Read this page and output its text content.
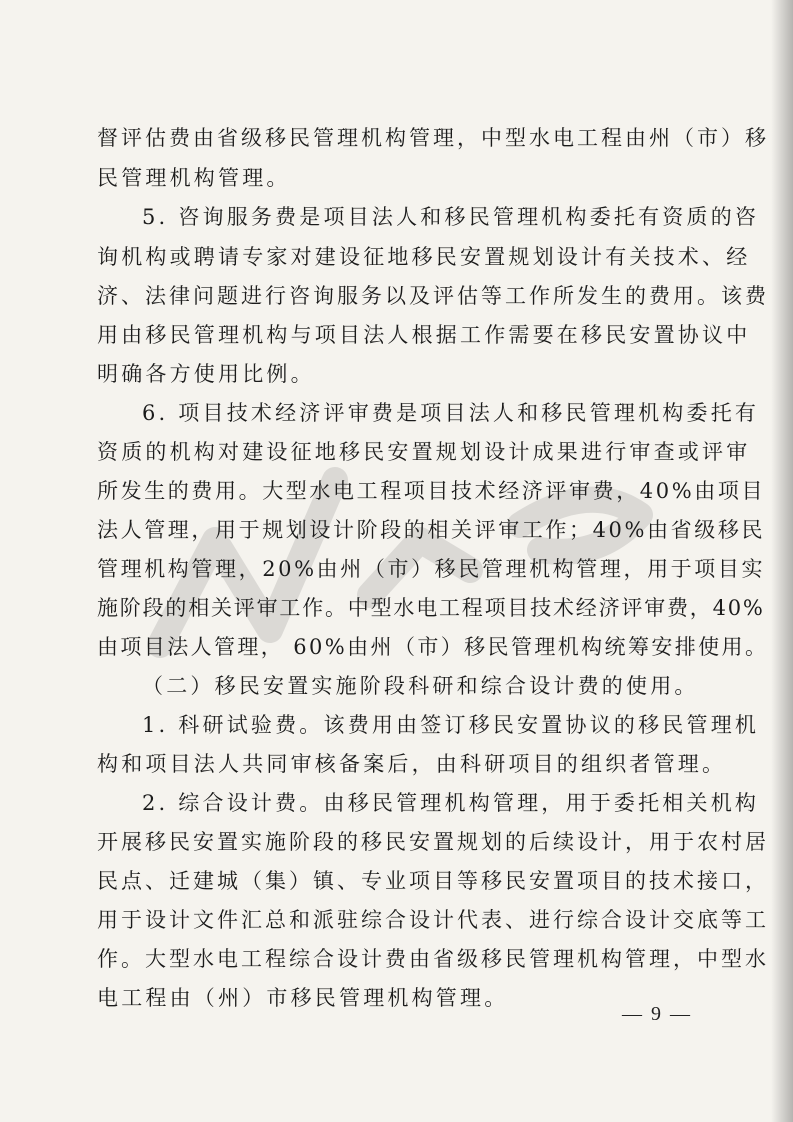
督评估费由省级移民管理机构管理，中型水电工程由州（市）移
民管理机构管理。
5. 咨询服务费是项目法人和移民管理机构委托有资质的咨
询机构或聘请专家对建设征地移民安置规划设计有关技术、经
济、法律问题进行咨询服务以及评估等工作所发生的费用。该费
用由移民管理机构与项目法人根据工作需要在移民安置协议中
明确各方使用比例。
6. 项目技术经济评审费是项目法人和移民管理机构委托有
资质的机构对建设征地移民安置规划设计成果进行审查或评审
所发生的费用。大型水电工程项目技术经济评审费，40%由项目
法人管理，用于规划设计阶段的相关评审工作；40%由省级移民
管理机构管理，20%由州（市）移民管理机构管理，用于项目实
施阶段的相关评审工作。中型水电工程项目技术经济评审费，40%
由项目法人管理， 60%由州（市）移民管理机构统筹安排使用。
（二）移民安置实施阶段科研和综合设计费的使用。
1. 科研试验费。该费用由签订移民安置协议的移民管理机
构和项目法人共同审核备案后，由科研项目的组织者管理。
2. 综合设计费。由移民管理机构管理，用于委托相关机构
开展移民安置实施阶段的移民安置规划的后续设计，用于农村居
民点、迁建城（集）镇、专业项目等移民安置项目的技术接口，
用于设计文件汇总和派驻综合设计代表、进行综合设计交底等工
作。大型水电工程综合设计费由省级移民管理机构管理，中型水
电工程由（州）市移民管理机构管理。
— 9 —
